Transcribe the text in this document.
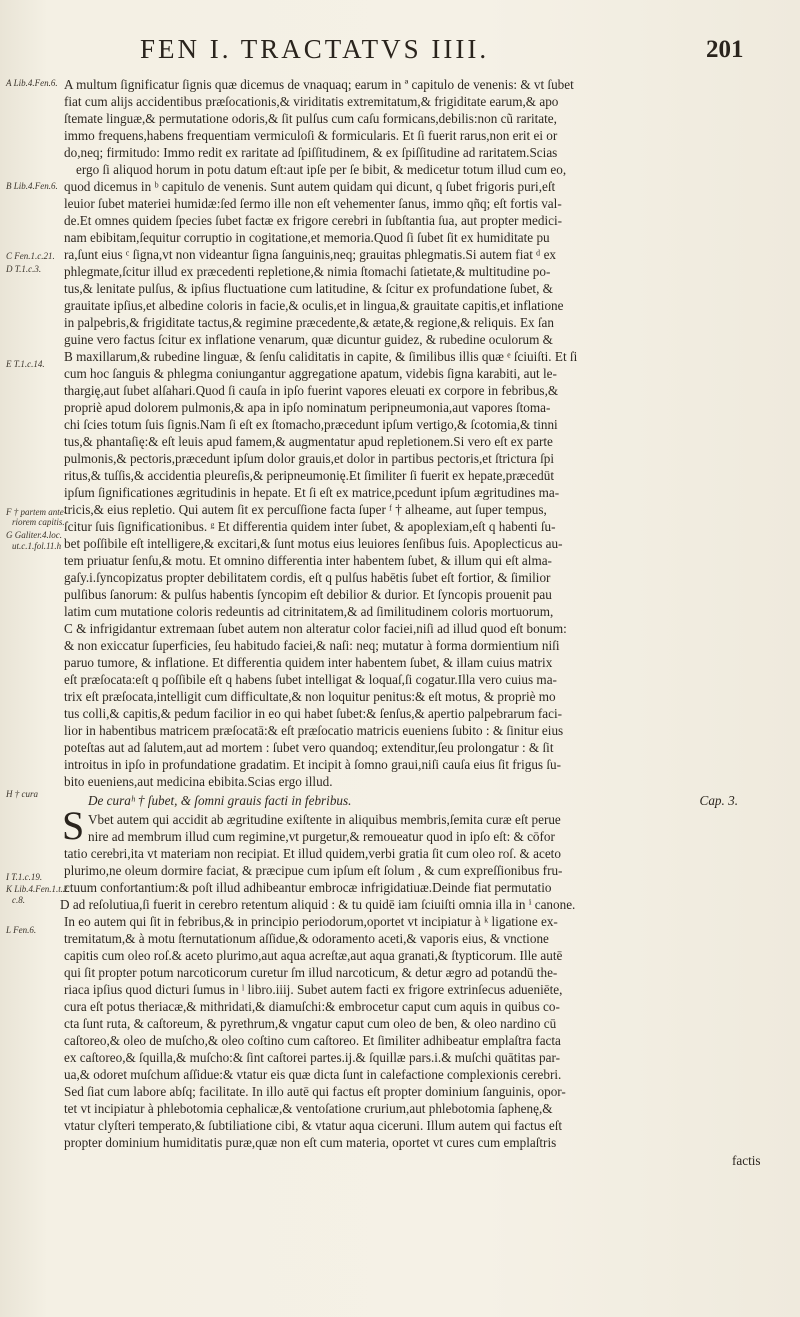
FEN I. TRACTATVS IIII.	201
A Lib.4.Fen.6.
B Lib.4.Fen.6.
C Fen.1.c.21.
D T.1.c.3.
E T.1.c.14.
F † partem ante-
riorem capitis.
G Galiter.4.loc.
ut.c.1.fol.11.h
H † cura
I T.1.c.19.
K Lib.4.Fen.1.t.2.
c.8.
L Fen.6.
A multum ſignificatur ſignis quæ dicemus de vnaquaq; earum in ª capitulo de venenis: & vt ſubet
fiat cum alijs accidentibus præſocationis,& viriditatis extremitatum,& frigiditate earum,& apo
ſtemate linguæ,& permutatione odoris,& ſit pulſus cum caſu formicans,debilis:non cũ raritate,
immo frequens,habens frequentiam vermiculoſi & formicularis. Et ſi fuerit rarus,non erit ei or
do,neq; firmitudo: Immo redit ex raritate ad ſpiſſitudinem, & ex ſpiſſitudine ad raritatem.Scias
ergo ſi aliquod horum in potu datum eſt:aut ipſe per ſe bibit, & medicetur totum illud cum eo,
quod dicemus in ᵇ capitulo de venenis. Sunt autem quidam qui dicunt, q ſubet frigoris puri,eſt
leuior ſubet materiei humidæ:ſed ſermo ille non eſt vehementer ſanus, immo qñq; eſt fortis val-
de.Et omnes quidem ſpecies ſubet factæ ex frigore cerebri in ſubſtantia ſua, aut propter medici-
nam ebibitam,ſequitur corruptio in cogitatione,et memoria.Quod ſi ſubet ſit ex humiditate pu
ra,ſunt eius ᶜ ſigna,vt non videantur ſigna ſanguinis,neq; grauitas phlegmatis.Si autem fiat ᵈ ex
phlegmate,ſcitur illud ex præcedenti repletione,& nimia ſtomachi ſatietate,& multitudine po-
tus,& lenitate pulſus, & ipſius fluctuatione cum latitudine, & ſcitur ex profundatione ſubet, &
grauitate ipſius,et albedine coloris in facie,& oculis,et in lingua,& grauitate capitis,et inflatione
in palpebris,& frigiditate tactus,& regimine præcedente,& ætate,& regione,& reliquis. Ex ſan
guine vero factus ſcitur ex inflatione venarum, quæ dicuntur guidez, & rubedine oculorum &
B maxillarum,& rubedine linguæ, & ſenſu caliditatis in capite, & ſimilibus illis quæ ᵉ ſciuiſti. Et ſi
cum hoc ſanguis & phlegma coniungantur aggregatione apatum, videbis ſigna karabiti, aut le-
thargię,aut ſubet alſahari.Quod ſi cauſa in ipſo fuerint vapores eleuati ex corpore in febribus,&
propriè apud dolorem pulmonis,& apa in ipſo nominatum peripneumonia,aut vapores ſtoma-
chi ſcies totum ſuis ſignis.Nam ſi eſt ex ſtomacho,præcedunt ipſum vertigo,& ſcotomia,& tinni
tus,& phantaſię:& eſt leuis apud famem,& augmentatur apud repletionem.Si vero eſt ex parte
pulmonis,& pectoris,præcedunt ipſum dolor grauis,et dolor in partibus pectoris,et ſtrictura ſpi
ritus,& tuſſis,& accidentia pleureſis,& peripneumonię.Et ſimiliter ſi fuerit ex hepate,præcedūt
ipſum ſignificationes ægritudinis in hepate. Et ſi eſt ex matrice,pcedunt ipſum ægritudines ma-
tricis,& eius repletio. Qui autem ſit ex percuſſione facta ſuper ᶠ † alheame, aut ſuper tempus,
ſcitur ſuis ſignificationibus. ᵍ Et differentia quidem inter ſubet, & apoplexiam,eſt q habenti ſu-
bet poſſibile eſt intelligere,& excitari,& ſunt motus eius leuiores ſenſibus ſuis. Apoplecticus au-
tem priuatur ſenſu,& motu. Et omnino differentia inter habentem ſubet, & illum qui eſt alma-
gaſy.i.ſyncopizatus propter debilitatem cordis, eſt q pulſus habētis ſubet eſt fortior, & ſimilior
pulſibus ſanorum: & pulſus habentis ſyncopim eſt debilior & durior. Et ſyncopis prouenit pau
latim cum mutatione coloris redeuntis ad citrinitatem,& ad ſimilitudinem coloris mortuorum,
C & infrigidantur extremaan ſubet autem non alteratur color faciei,niſi ad illud quod eſt bonum:
& non exiccatur ſuperficies, ſeu habitudo faciei,& naſi: neq; mutatur à forma dormientium niſi
paruo tumore, & inflatione. Et differentia quidem inter habentem ſubet, & illam cuius matrix
eſt præſocata:eſt q poſſibile eſt q habens ſubet intelligat & loquaſ,ſi cogatur.Illa vero cuius ma-
trix eſt præſocata,intelligit cum difficultate,& non loquitur penitus:& eſt motus, & propriè mo
tus colli,& capitis,& pedum facilior in eo qui habet ſubet:& ſenſus,& apertio palpebrarum faci-
lior in habentibus matricem præſocatā:& eſt præſocatio matricis eueniens ſubito : & ſinitur eius
poteſtas aut ad ſalutem,aut ad mortem : ſubet vero quandoq; extenditur,ſeu prolongatur : & ſit
introitus in ipſo in profundatione gradatim. Et incipit à ſomno graui,niſi cauſa eius ſit frigus ſu-
bito eueniens,aut medicina ebibita.Scias ergo illud.
De curaʰ † ſubet, & ſomni grauis facti in febribus.	Cap. 3.
S Vbet autem qui accidit ab ægritudine exiſtente in aliquibus membris,ſemita curæ eſt perue
nire ad membrum illud cum regimine,vt purgetur,& remoueatur quod in ipſo eſt: & cōfor
tatio cerebri,ita vt materiam non recipiat. Et illud quidem,verbi gratia ſit cum oleo roſ. & aceto
plurimo,ne oleum dormire faciat, & præcipue cum ipſum eſt ſolum , & cum expreſſionibus fru-
ctuum confortantium:& poſt illud adhibeantur embrocæ infrigidatiuæ.Deinde fiat permutatio
D ad reſolutiua,ſi fuerit in cerebro retentum aliquid : & tu quidē iam ſciuiſti omnia illa in ⁱ canone.
In eo autem qui ſit in febribus,& in principio periodorum,oportet vt incipiatur à ᵏ ligatione ex-
tremitatum,& à motu ſternutationum aſſidue,& odoramento aceti,& vaporis eius, & vnctione
capitis cum oleo roſ.& aceto plurimo,aut aqua acreſtæ,aut aqua granati,& ſtypticorum. Ille autē
qui ſit propter potum narcoticorum curetur ſm illud narcoticum, & detur ægro ad potandū the-
riaca ipſius quod dicturi ſumus in ˡ libro.iiij. Subet autem facti ex frigore extrinſecus adueniēte,
cura eſt potus theriacæ,& mithridati,& diamuſchi:& embrocetur caput cum aquis in quibus co-
cta ſunt ruta, & caſtoreum, & pyrethrum,& vngatur caput cum oleo de ben, & oleo nardino cū
caſtoreo,& oleo de muſcho,& oleo coſtino cum caſtoreo. Et ſimiliter adhibeatur emplaſtra facta
ex caſtoreo,& ſquilla,& muſcho:& ſint caſtorei partes.ij.& ſquillæ pars.i.& muſchi quātitas par-
ua,& odoret muſchum aſſidue:& vtatur eis quæ dicta ſunt in calefactione complexionis cerebri.
Sed ſiat cum labore abſq; facilitate. In illo autē qui factus eſt propter dominium ſanguinis, opor-
tet vt incipiatur à phlebotomia cephalicæ,& ventoſatione crurium,aut phlebotomia ſaphenę,&
vtatur clyſteri temperato,& ſubtiliatione cibi, & vtatur aqua ciceruni. Illum autem qui factus eſt
propter dominium humiditatis puræ,quæ non eſt cum materia, oportet vt cures cum emplaſtris
factis
